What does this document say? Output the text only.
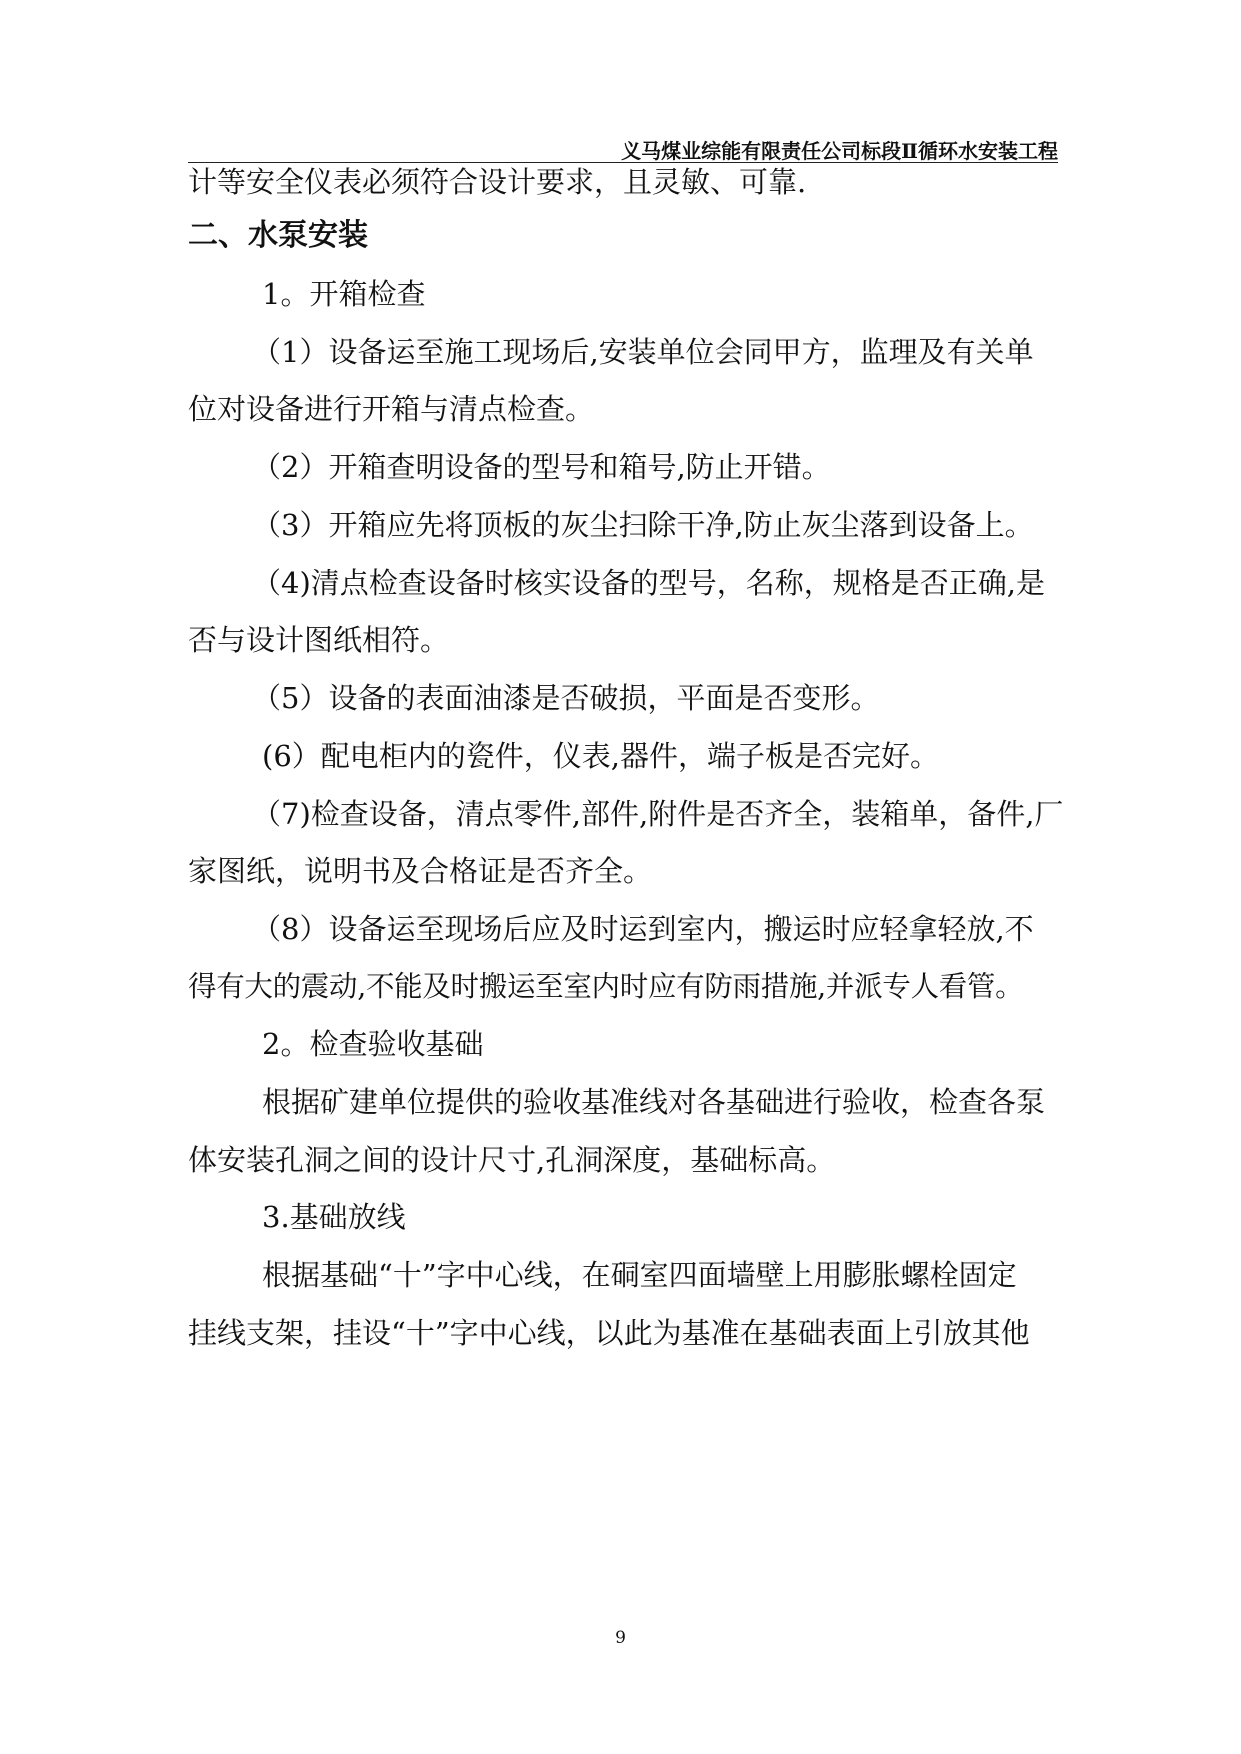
义马煤业综能有限责任公司标段Ⅱ循环水安装工程
计等安全仪表必须符合设计要求，且灵敏、可靠.
二、水泵安装
1。开箱检查
（1）设备运至施工现场后,安装单位会同甲方，监理及有关单
位对设备进行开箱与清点检查。
（2）开箱查明设备的型号和箱号,防止开错。
（3）开箱应先将顶板的灰尘扫除干净,防止灰尘落到设备上。
（4)清点检查设备时核实设备的型号，名称，规格是否正确,是
否与设计图纸相符。
（5）设备的表面油漆是否破损，平面是否变形。
(6）配电柜内的瓷件，仪表,器件，端子板是否完好。
（7)检查设备，清点零件,部件,附件是否齐全，装箱单，备件,厂
家图纸，说明书及合格证是否齐全。
（8）设备运至现场后应及时运到室内，搬运时应轻拿轻放,不
得有大的震动,不能及时搬运至室内时应有防雨措施,并派专人看管。
2。检查验收基础
根据矿建单位提供的验收基准线对各基础进行验收，检查各泵
体安装孔洞之间的设计尺寸,孔洞深度，基础标高。
3.基础放线
根据基础“十”字中心线，在硐室四面墙壁上用膨胀螺栓固定
挂线支架，挂设“十”字中心线，以此为基准在基础表面上引放其他
9
